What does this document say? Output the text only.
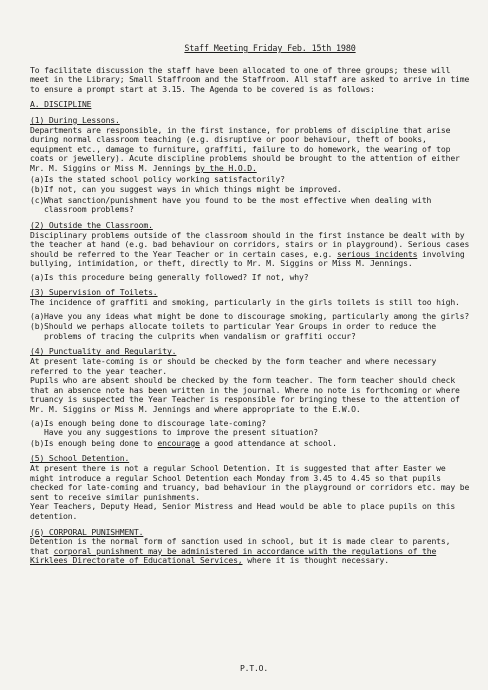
Staff Meeting Friday Feb. 15th 1980

To facilitate discussion the staff have been allocated to one of three groups; these will meet in the Library; Small Staffroom and the Staffroom. All staff are asked to arrive in time to ensure a prompt start at 3.15. The Agenda to be covered is as follows:

A. DISCIPLINE

(1) During Lessons.

Departments are responsible, in the first instance, for problems of discipline that arise during normal classroom teaching (e.g. disruptive or poor behaviour, theft of books, equipment etc., damage to furniture, graffiti, failure to do homework, the wearing of top coats or jewellery). Acute discipline problems should be brought to the attention of either Mr. M. Siggins or Miss M. Jennings by the H.O.D.

(a) Is the stated school policy working satisfactorily?
(b) If not, can you suggest ways in which things might be improved.
(c) What sanction/punishment have you found to be the most effective when dealing with classroom problems?

(2) Outside the Classroom.

Disciplinary problems outside of the classroom should in the first instance be dealt with by the teacher at hand (e.g. bad behaviour on corridors, stairs or in playground). Serious cases should be referred to the Year Teacher or in certain cases, e.g. serious incidents involving bullying, intimidation, or theft, directly to Mr. M. Siggins or Miss M. Jennings.

(a) Is this procedure being generally followed? If not, why?

(3) Supervision of Toilets.

The incidence of graffiti and smoking, particularly in the girls toilets is still too high.

(a) Have you any ideas what might be done to discourage smoking, particularly among the girls?
(b) Should we perhaps allocate toilets to particular Year Groups in order to reduce the problems of tracing the culprits when vandalism or graffiti occur?

(4) Punctuality and Regularity.

At present late-coming is or should be checked by the form teacher and where necessary referred to the year teacher.

Pupils who are absent should be checked by the form teacher. The form teacher should check that an absence note has been written in the journal. Where no note is forthcoming or where truancy is suspected the Year Teacher is responsible for bringing these to the attention of Mr. M. Siggins or Miss M. Jennings and where appropriate to the E.W.O.

(a) Is enough being done to discourage late-coming?
Have you any suggestions to improve the present situation?
(b) Is enough being done to encourage a good attendance at school.

(5) School Detention.

At present there is not a regular School Detention. It is suggested that after Easter we might introduce a regular School Detention each Monday from 3.45 to 4.45 so that pupils checked for late-coming and truancy, bad behaviour in the playground or corridors etc. may be sent to receive similar punishments.

Year Teachers, Deputy Head, Senior Mistress and Head would be able to place pupils on this detention.

(6) CORPORAL PUNISHMENT.

Detention is the normal form of sanction used in school, but it is made clear to parents, that corporal punishment may be administered in accordance with the regulations of the Kirklees Directorate of Educational Services, where it is thought necessary.

P.T.O.
